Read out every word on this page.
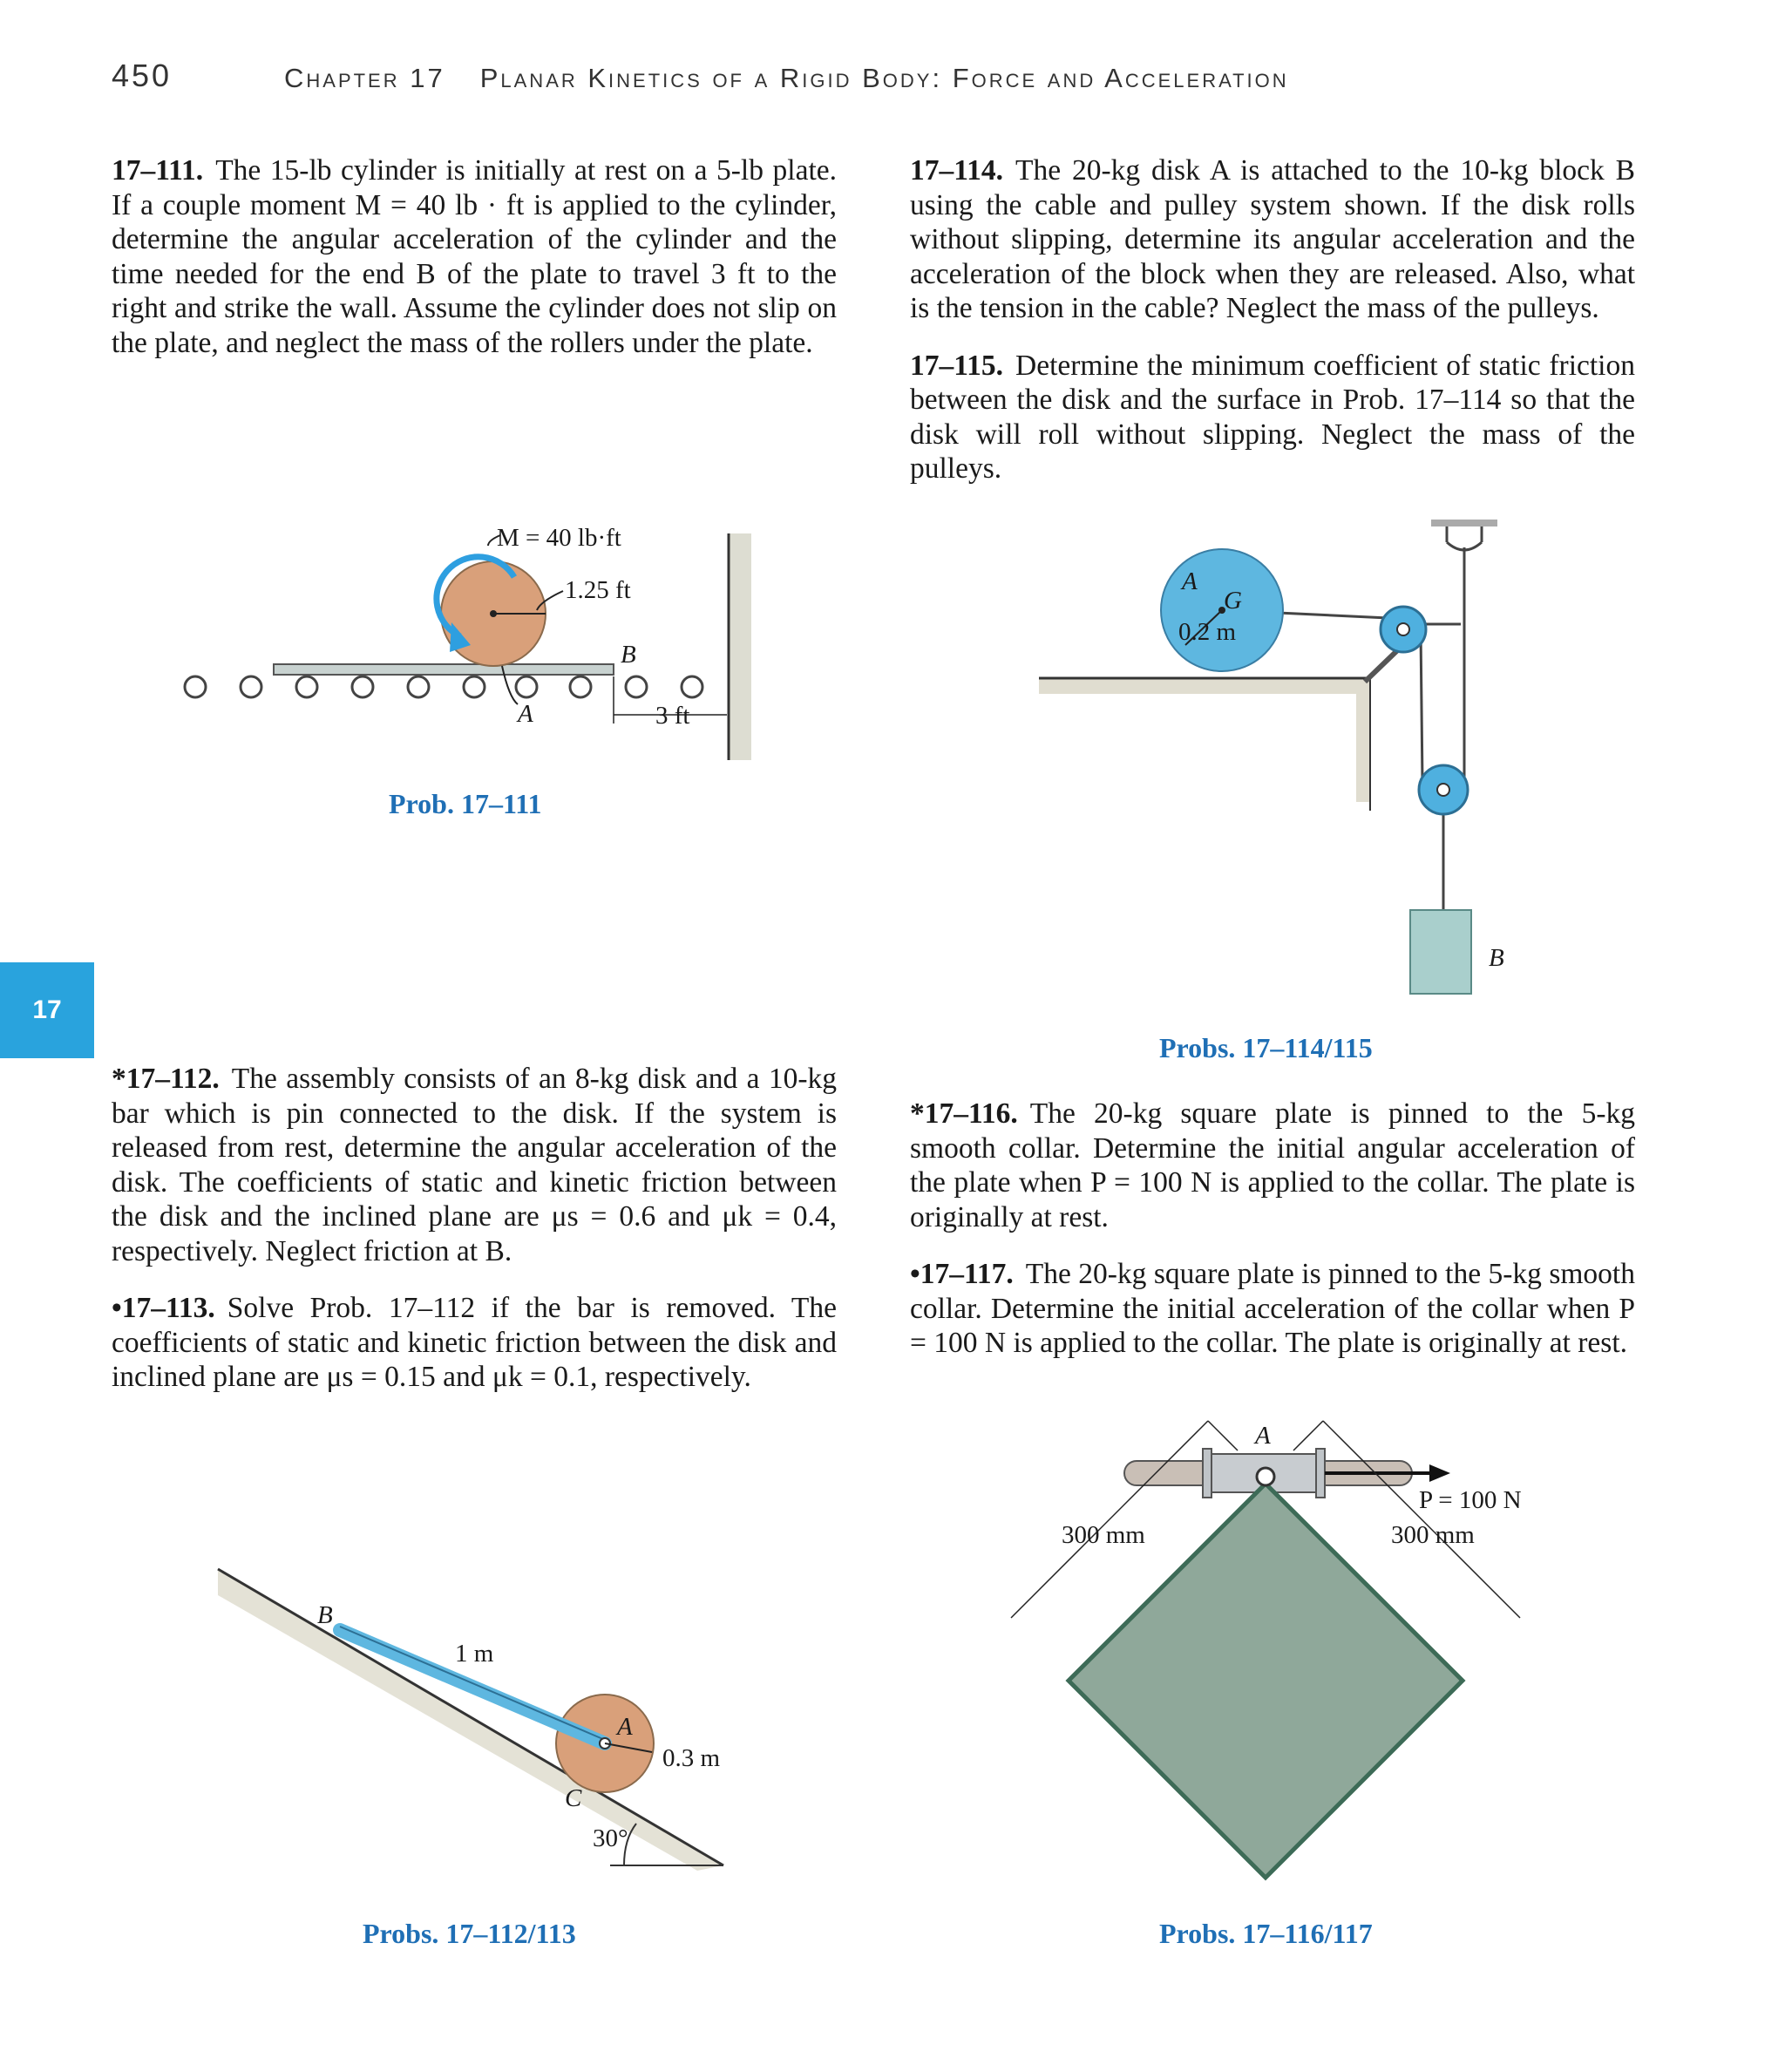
450	Chapter 17 Planar Kinetics of a Rigid Body: Force and Acceleration
17

17–111. The 15-lb cylinder is initially at rest on a 5-lb plate. If a couple moment M = 40 lb · ft is applied to the cylinder, determine the angular acceleration of the cylinder and the time needed for the end B of the plate to travel 3 ft to the right and strike the wall. Assume the cylinder does not slip on the plate, and neglect the mass of the rollers under the plate.

17–114. The 20-kg disk A is attached to the 10-kg block B using the cable and pulley system shown. If the disk rolls without slipping, determine its angular acceleration and the acceleration of the block when they are released. Also, what is the tension in the cable? Neglect the mass of the pulleys.

17–115. Determine the minimum coefficient of static friction between the disk and the surface in Prob. 17–114 so that the disk will roll without slipping. Neglect the mass of the pulleys.

*17–112. The assembly consists of an 8-kg disk and a 10-kg bar which is pin connected to the disk. If the system is released from rest, determine the angular acceleration of the disk. The coefficients of static and kinetic friction between the disk and the inclined plane are μs = 0.6 and μk = 0.4, respectively. Neglect friction at B.

•17–113. Solve Prob. 17–112 if the bar is removed. The coefficients of static and kinetic friction between the disk and inclined plane are μs = 0.15 and μk = 0.1, respectively.

*17–116. The 20-kg square plate is pinned to the 5-kg smooth collar. Determine the initial angular acceleration of the plate when P = 100 N is applied to the collar. The plate is originally at rest.

•17–117. The 20-kg square plate is pinned to the 5-kg smooth collar. Determine the initial acceleration of the collar when P = 100 N is applied to the collar. The plate is originally at rest.

M = 40 lb·ft
1.25 ft
B
A	3 ft
Prob. 17–111
A
G
0.2 m
B
Probs. 17–114/115
B
1 m
A
0.3 m
C
30°
Probs. 17–112/113
A
P = 100 N
300 mm	300 mm
Probs. 17–116/117
